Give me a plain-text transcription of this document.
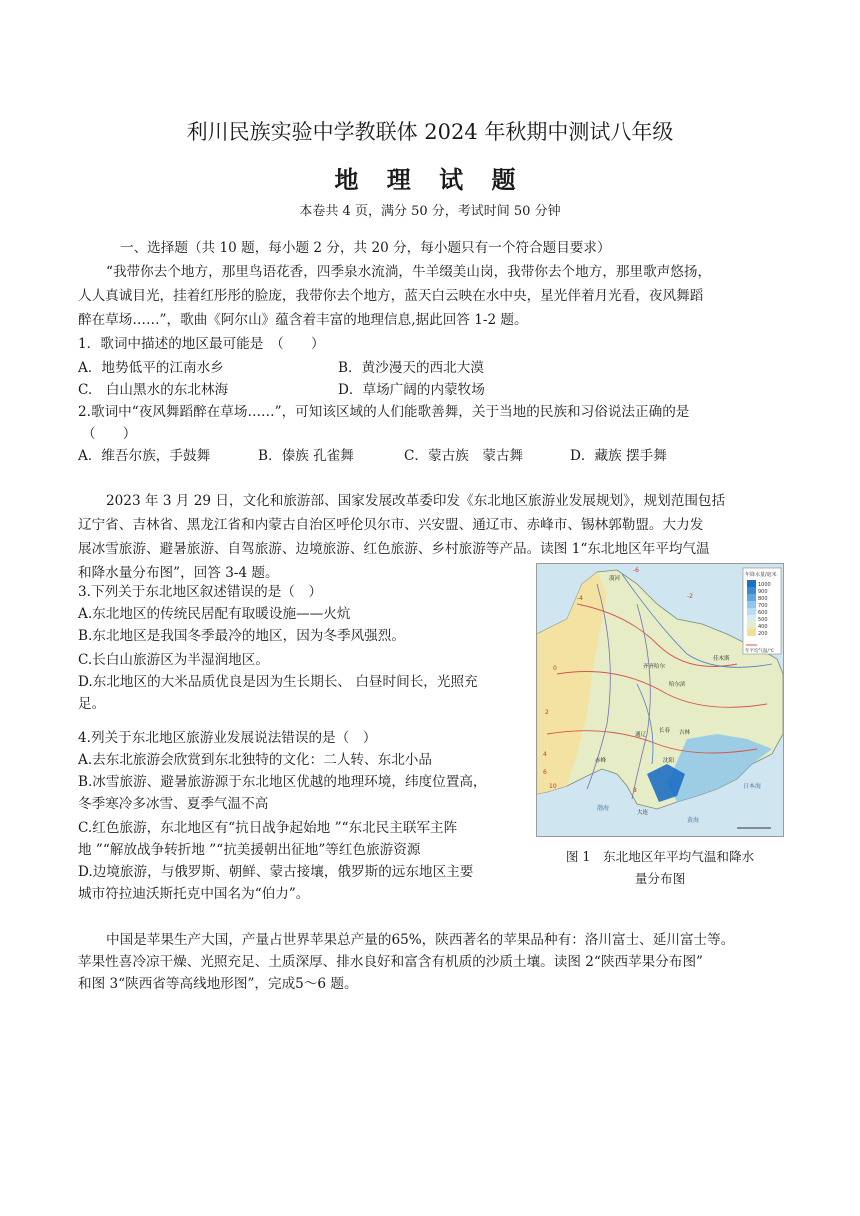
利川民族实验中学教联体 2024 年秋期中测试八年级
地 理 试 题
本卷共 4 页，满分 50 分，考试时间 50 分钟
一、选择题（共 10 题，每小题 2 分，共 20 分，每小题只有一个符合题目要求）
“我带你去个地方，那里鸟语花香，四季泉水流淌，牛羊缀美山岗，我带你去个地方，那里歌声悠扬，
人人真诚目光，挂着红彤彤的脸庞，我带你去个地方，蓝天白云映在水中央，星光伴着月光看，夜风舞蹈
醉在草场……”，歌曲《阿尔山》蕴含着丰富的地理信息,据此回答 1-2 题。
1．歌词中描述的地区最可能是　（　　）
A．地势低平的江南水乡	B．黄沙漫天的西北大漠
C.　白山黑水的东北林海	D．草场广阔的内蒙牧场
2.歌词中“夜风舞蹈醉在草场……”，可知该区域的人们能歌善舞，关于当地的民族和习俗说法正确的是
（　　）
A．维吾尔族，手鼓舞	B．傣族 孔雀舞	C．蒙古族　蒙古舞	D．藏族 摆手舞
2023 年 3 月 29 日，文化和旅游部、国家发展改革委印发《东北地区旅游业发展规划》，规划范围包括
辽宁省、吉林省、黑龙江省和内蒙古自治区呼伦贝尔市、兴安盟、通辽市、赤峰市、锡林郭勒盟。大力发
展冰雪旅游、避暑旅游、自驾旅游、边境旅游、红色旅游、乡村旅游等产品。读图 1“东北地区年平均气温
和降水量分布图”，回答 3-4 题。
3.下列关于东北地区叙述错误的是（　）
A.东北地区的传统民居配有取暖设施——火炕
B.东北地区是我国冬季最冷的地区，因为冬季风强烈。
C.长白山旅游区为半湿润地区。
D.东北地区的大米品质优良是因为生长期长、 白昼时间长，光照充
足。
4.列关于东北地区旅游业发展说法错误的是（　）
A.去东北旅游会欣赏到东北独特的文化：二人转、东北小品
B.冰雪旅游、避暑旅游源于东北地区优越的地理环境，纬度位置高，
冬季寒冷多冰雪、夏季气温不高
C.红色旅游，东北地区有“抗日战争起始地 ”“东北民主联军主阵
地 ”“解放战争转折地 ”“抗美援朝出征地”等红色旅游资源
D.边境旅游，与俄罗斯、朝鲜、蒙古接壤，俄罗斯的远东地区主要
城市符拉迪沃斯托克中国名为“伯力”。
年降水量/毫米
1000
900
800
700
600
500
400
200
年平均气温/℃
漠河
齐齐哈尔
哈尔滨
长春 吉林
通辽
赤峰	沈阳
大连
佳木斯
日本海
渤海
黄海
-4	-2
0
2
4
6
8
10
-6
图 1　东北地区年平均气温和降水
量分布图
中国是苹果生产大国，产量占世界苹果总产量的65%，陕西著名的苹果品种有：洛川富士、延川富士等。
苹果性喜冷凉干燥、光照充足、土质深厚、排水良好和富含有机质的沙质土壤。读图 2“陕西苹果分布图”
和图 3“陕西省等高线地形图”，完成5～6 题。
